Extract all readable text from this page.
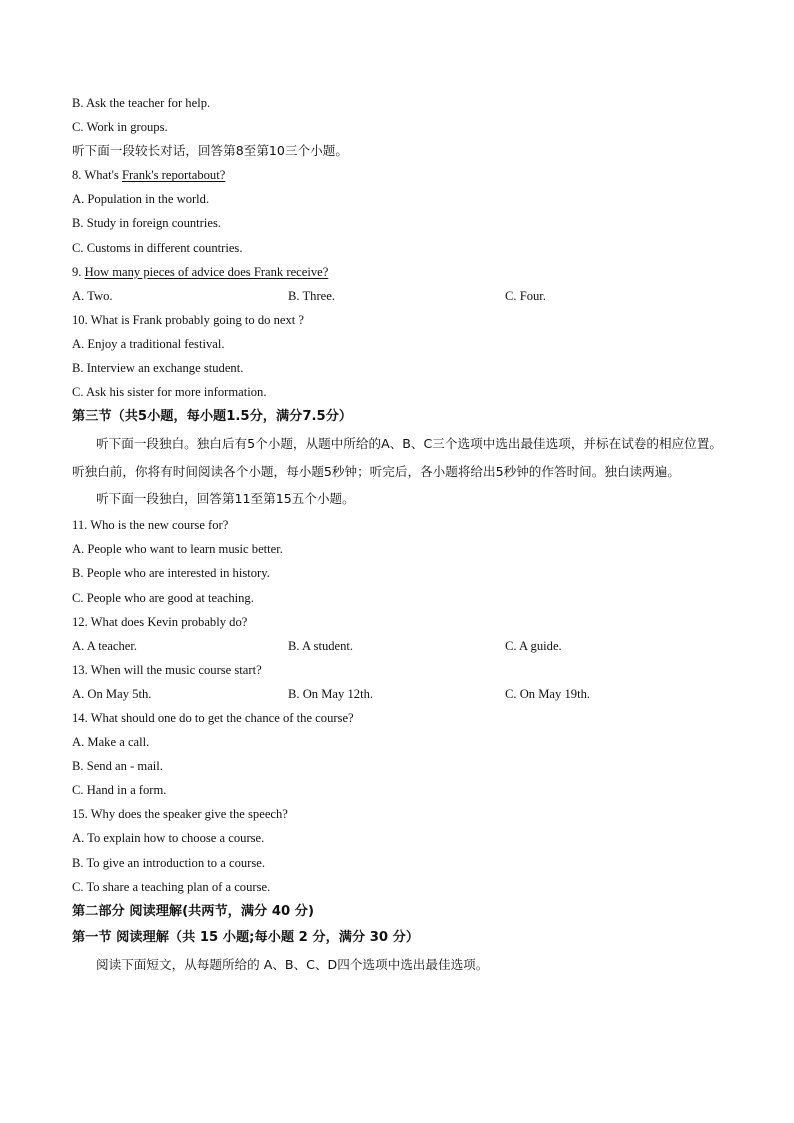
B. Ask the teacher for help.
C. Work in groups.
听下面一段较长对话，回答第8至第10三个小题。
8. What's Frank's reportabout?
A. Population in the world.
B. Study in foreign countries.
C. Customs in different countries.
9. How many pieces of advice does Frank receive?
A. Two.	B. Three.	C. Four.
10. What is Frank probably going to do next ?
A. Enjoy a traditional festival.
B. Interview an exchange student.
C. Ask his sister for more information.
第三节（共5小题，每小题1.5分，满分7.5分）

听下面一段独白。独白后有5个小题，从题中所给的A、B、C三个选项中选出最佳选项，并标在试卷的相应位置。听独白前，你将有时间阅读各个小题，每小题5秒钟；听完后，各小题将给出5秒钟的作答时间。独白读两遍。

听下面一段独白，回答第11至第15五个小题。
11. Who is the new course for?
A. People who want to learn music better.
B. People who are interested in history.
C. People who are good at teaching.
12. What does Kevin probably do?
A. A teacher.	B. A student.	C. A guide.
13. When will the music course start?
A. On May 5th.	B. On May 12th.	C. On May 19th.
14. What should one do to get the chance of the course?
A. Make a call.
B. Send an - mail.
C. Hand in a form.
15. Why does the speaker give the speech?
A. To explain how to choose a course.
B. To give an introduction to a course.
C. To share a teaching plan of a course.
第二部分 阅读理解(共两节，满分 40 分)
第一节 阅读理解（共 15 小题;每小题 2 分，满分 30 分）
阅读下面短文，从每题所给的 A、B、C、D四个选项中选出最佳选项。
